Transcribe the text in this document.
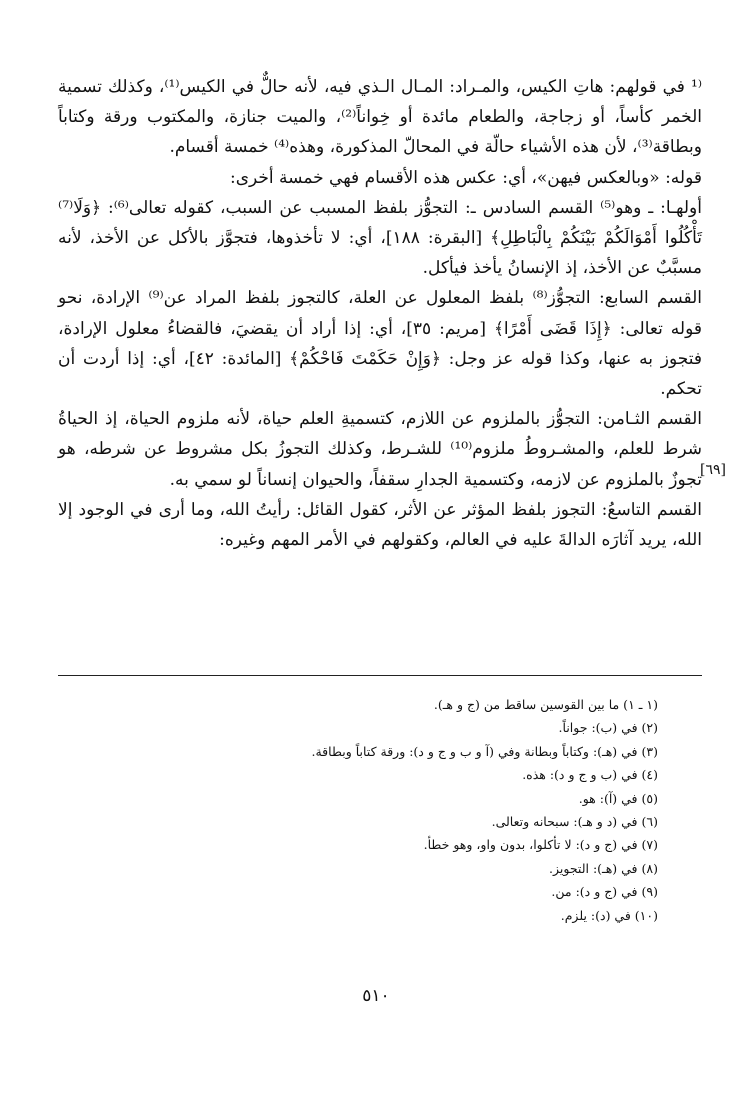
⁽¹ في قولهم: هاتِ الكيس، والمـراد: المـال الـذي فيه، لأنه حالٌّ في الكيس⁽¹⁾، وكذلك تسمية الخمر كأساً، أو زجاجة، والطعام مائدة أو خِواناً⁽²⁾، والميت جنازة، والمكتوب ورقة وكتاباً وبطاقة⁽³⁾، لأن هذه الأشياء حالّة في المحالّ المذكورة، وهذه⁽⁴⁾ خمسة أقسام.

قوله: «وبالعكس فيهن»، أي: عكس هذه الأقسام فهي خمسة أخرى:

أولهـا: ـ وهو⁽⁵⁾ القسم السادس ـ: التجوُّز بلفظ المسبب عن السبب، كقوله تعالى⁽⁶⁾: ﴿وَلَا⁽⁷⁾ تَأْكُلُوا أَمْوَالَكُمْ بَيْنَكُمْ بِالْبَاطِلِ﴾ [البقرة: ١٨٨]، أي: لا تأخذوها، فتجوَّز بالأكل عن الأخذ، لأنه مسبَّبٌ عن الأخذ، إذ الإنسانُ يأخذ فيأكل.

القسم السابع: التجوُّز⁽⁸⁾ بلفظ المعلول عن العلة، كالتجوز بلفظ المراد عن⁽⁹⁾ الإرادة، نحو قوله تعالى: ﴿إِذَا قَضَى أَمْرًا﴾ [مريم: ٣٥]، أي: إذا أراد أن يقضيَ، فالقضاءُ معلول الإرادة، فتجوز به عنها، وكذا قوله عز وجل: ﴿وَإِنْ حَكَمْتَ فَاحْكُمْ﴾ [المائدة: ٤٢]، أي: إذا أردت أن تحكم.

القسم الثـامن: التجوُّز بالملزوم عن اللازم، كتسميةِ العلم حياة، لأنه ملزوم الحياة، إذ الحياةُ شرط للعلم، والمشـروطُ ملزوم⁽¹⁰⁾ للشـرط، وكذلك التجوزُ بكل مشروط عن شرطه، هو تجوزٌ بالملزوم عن لازمه، وكتسمية الجدارِ سقفاً، والحيوان إنساناً لو سمي به.

القسم التاسعُ: التجوز بلفظ المؤثر عن الأثر، كقول القائل: رأيتُ الله، وما أرى في الوجود إلا الله، يريد آثارَه الدالةَ عليه في العالم، وكقولهم في الأمر المهم وغيره:

[٦٩]
(١ ـ ١) ما بين القوسين ساقط من (ج و هـ).
(٢) في (ب): جواناً.
(٣) في (هـ): وكتاباً وبطانة وفي (آ و ب و ج و د): ورقة كتاباً وبطاقة.
(٤) في (ب و ج و د): هذه.
(٥) في (آ): هو.
(٦) في (د و هـ): سبحانه وتعالى.
(٧) في (ج و د): لا تأكلوا، بدون واو، وهو خطأ.
(٨) في (هـ): التجويز.
(٩) في (ج و د): من.
(١٠) في (د): يلزم.
٥١٠
